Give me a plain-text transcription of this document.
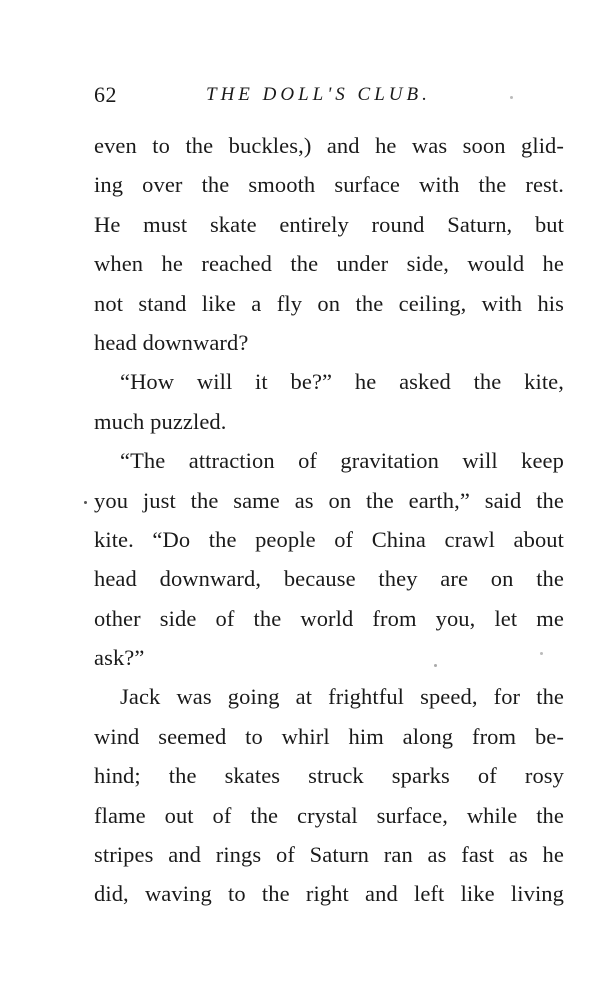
62	THE DOLL'S CLUB.
even to the buckles,) and he was soon glid-
ing over the smooth surface with the rest.
He must skate entirely round Saturn, but
when he reached the under side, would he
not stand like a fly on the ceiling, with his
head downward?
“How will it be?” he asked the kite,
much puzzled.
“The attraction of gravitation will keep
you just the same as on the earth,” said the
kite. “Do the people of China crawl about
head downward, because they are on the
other side of the world from you, let me
ask?”
Jack was going at frightful speed, for the
wind seemed to whirl him along from be-
hind; the skates struck sparks of rosy
flame out of the crystal surface, while the
stripes and rings of Saturn ran as fast as he
did, waving to the right and left like living
